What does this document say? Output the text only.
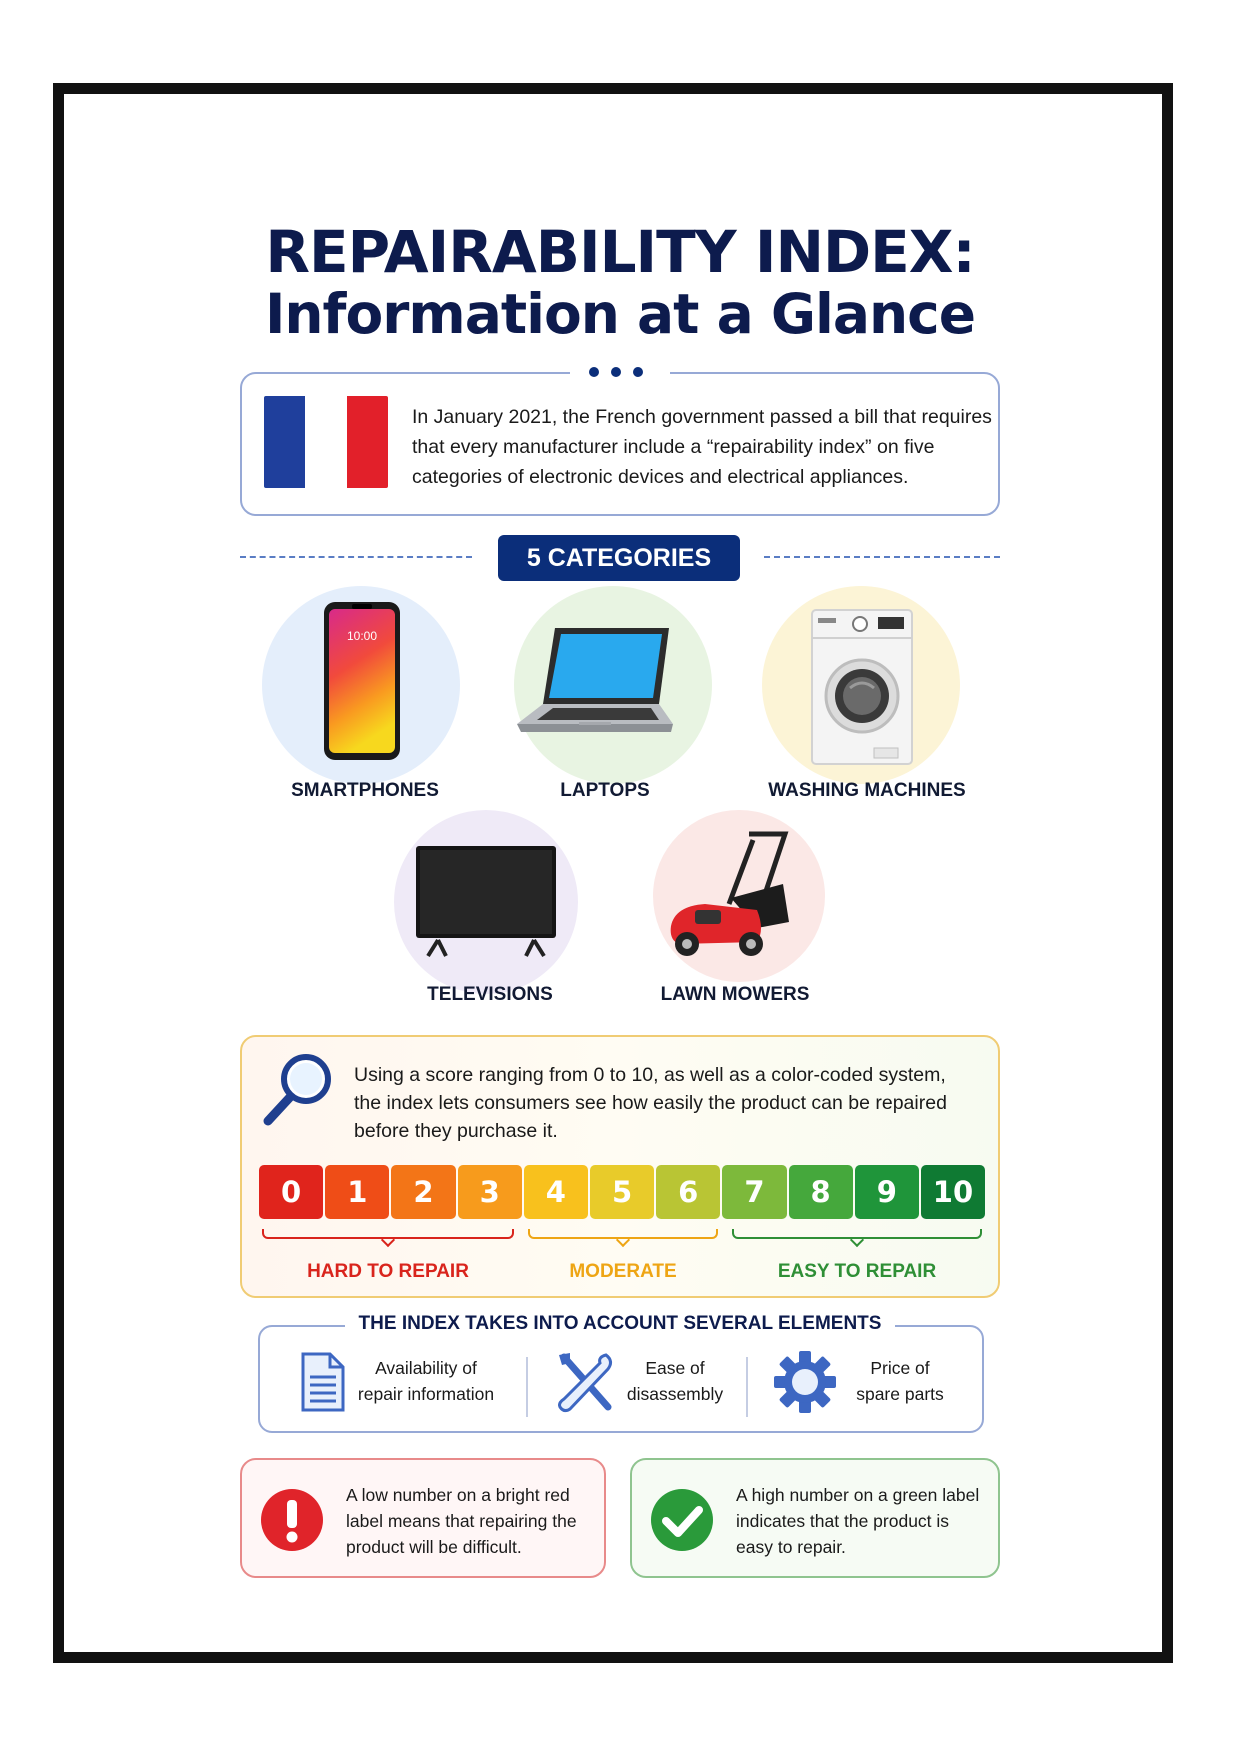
REPAIRABILITY INDEX:
Information at a Glance
In January 2021, the French government passed a bill that requires that every manufacturer include a “repairability index” on five categories of electronic devices and electrical appliances.
5 CATEGORIES
10:00
SMARTPHONES	LAPTOPS	WASHING MACHINES
TELEVISIONS	LAWN MOWERS
Using a score ranging from 0 to 10, as well as a color-coded system, the index lets consumers see how easily the product can be repaired before they purchase it.
0	1	2	3	4	5	6	7	8	9	10
HARD TO REPAIR	MODERATE	EASY TO REPAIR
Availability of
repair information
Ease of
disassembly
Price of
spare parts
THE INDEX TAKES INTO ACCOUNT SEVERAL ELEMENTS
A low number on a bright red label means that repairing the product will be difficult.
A high number on a green label indicates that the product is easy to repair.
